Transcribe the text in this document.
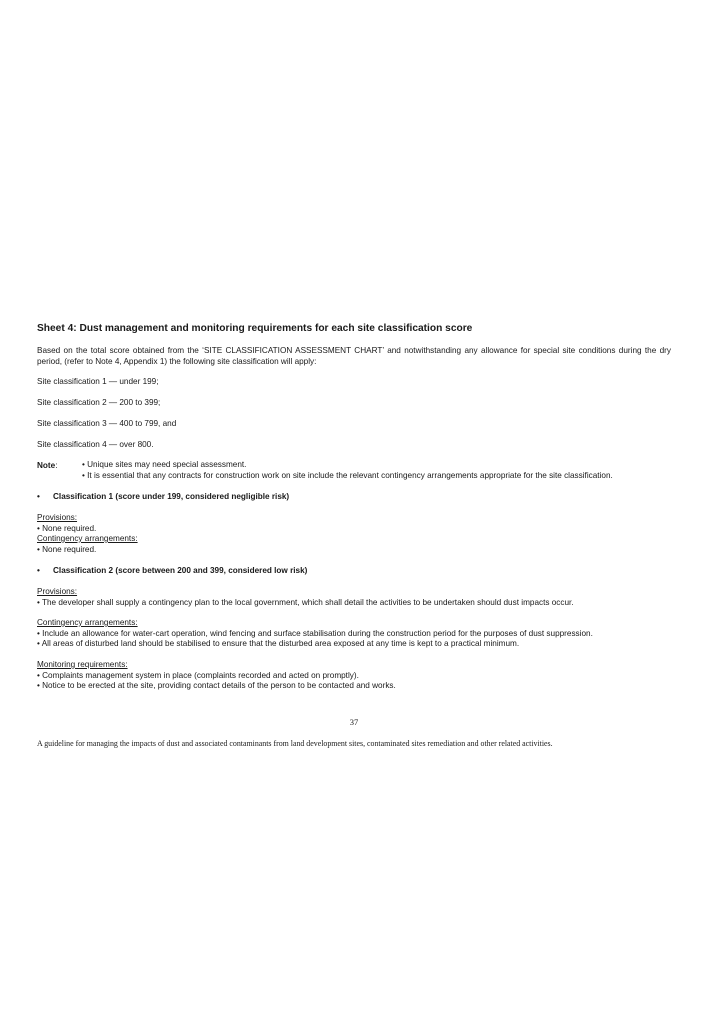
Sheet 4: Dust management and monitoring requirements for each site classification score
Based on the total score obtained from the ‘SITE CLASSIFICATION ASSESSMENT CHART’ and notwithstanding any allowance for special site conditions during the dry period, (refer to Note 4, Appendix 1) the following site classification will apply:
Site classification 1 — under 199;
Site classification 2 — 200 to 399;
Site classification 3 — 400 to 799, and
Site classification 4 — over 800.
Note:	• Unique sites may need special assessment.
• It is essential that any contracts for construction work on site include the relevant contingency arrangements appropriate for the site classification.
• Classification 1 (score under 199, considered negligible risk)
Provisions:
• None required.
Contingency arrangements:
• None required.
• Classification 2 (score between 200 and 399, considered low risk)
Provisions:
• The developer shall supply a contingency plan to the local government, which shall detail the activities to be undertaken should dust impacts occur.
Contingency arrangements:
• Include an allowance for water-cart operation, wind fencing and surface stabilisation during the construction period for the purposes of dust suppression.
• All areas of disturbed land should be stabilised to ensure that the disturbed area exposed at any time is kept to a practical minimum.
Monitoring requirements:
• Complaints management system in place (complaints recorded and acted on promptly).
• Notice to be erected at the site, providing contact details of the person to be contacted and works.
37
A guideline for managing the impacts of dust and associated contaminants from land development sites, contaminated sites remediation and other related activities.
